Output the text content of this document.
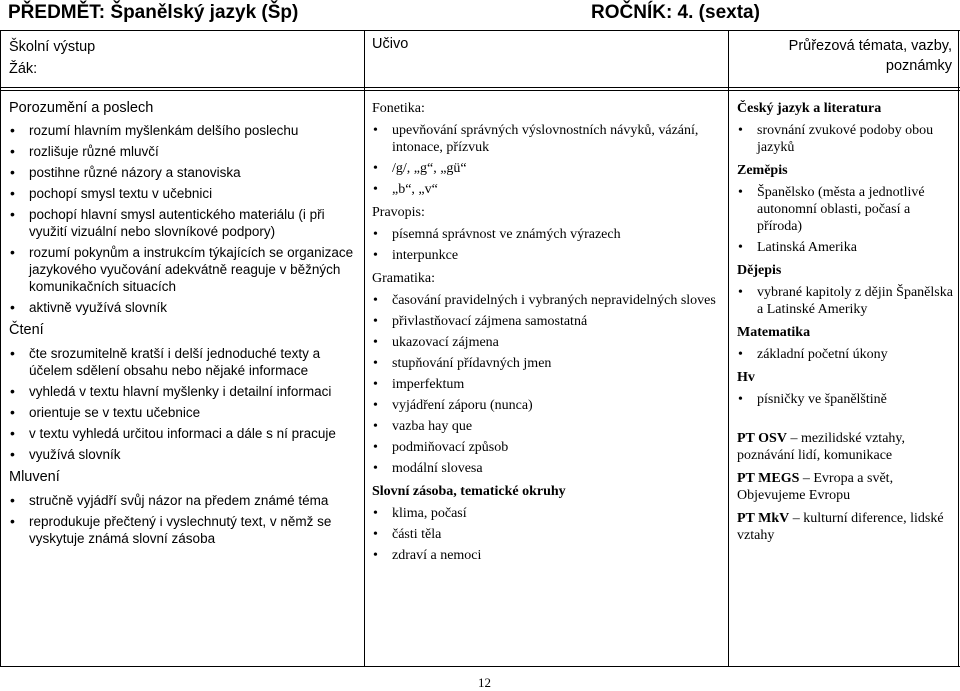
PŘEDMĚT: Španělský jazyk (Šp)	ROČNÍK: 4. (sexta)
Školní výstup
Žák:
Učivo	Průřezová témata, vazby,
poznámky
Porozumění a poslech
• rozumí hlavním myšlenkám delšího poslechu
• rozlišuje různé mluvčí
• postihne různé názory a stanoviska
• pochopí smysl textu v učebnici
• pochopí hlavní smysl autentického materiálu (i při využití vizuální nebo slovníkové podpory)
• rozumí pokynům a instrukcím týkajících se organizace jazykového vyučování adekvátně reaguje v běžných komunikačních situacích
• aktivně využívá slovník
Čtení
• čte srozumitelně kratší i delší jednoduché texty a účelem sdělení obsahu nebo nějaké informace
• vyhledá v textu hlavní myšlenky i detailní informaci
• orientuje se v textu učebnice
• v textu vyhledá určitou informaci a dále s ní pracuje
• využívá slovník
Mluvení
• stručně vyjádří svůj názor na předem známé téma
• reprodukuje přečtený i vyslechnutý text, v němž se vyskytuje známá slovní zásoba
Fonetika:
• upevňování správných výslovnostních návyků, vázání, intonace, přízvuk
• /g/, „g“, „gü“
• „b“, „v“
Pravopis:
• písemná správnost ve známých výrazech
• interpunkce
Gramatika:
• časování pravidelných i vybraných nepravidelných sloves
• přivlastňovací zájmena samostatná
• ukazovací zájmena
• stupňování přídavných jmen
• imperfektum
• vyjádření záporu (nunca)
• vazba hay que
• podmiňovací způsob
• modální slovesa
Slovní zásoba, tematické okruhy
• klima, počasí
• části těla
• zdraví a nemoci
Český jazyk a literatura
• srovnání zvukové podoby obou jazyků
Zeměpis
• Španělsko (města a jednotlivé autonomní oblasti, počasí a příroda)
• Latinská Amerika
Dějepis
• vybrané kapitoly z dějin Španělska a Latinské Ameriky
Matematika
• základní početní úkony
Hv
• písničky ve španělštině
PT OSV – mezilidské vztahy, poznávání lidí, komunikace
PT MEGS – Evropa a svět, Objevujeme Evropu
PT MkV – kulturní diference, lidské vztahy
12
